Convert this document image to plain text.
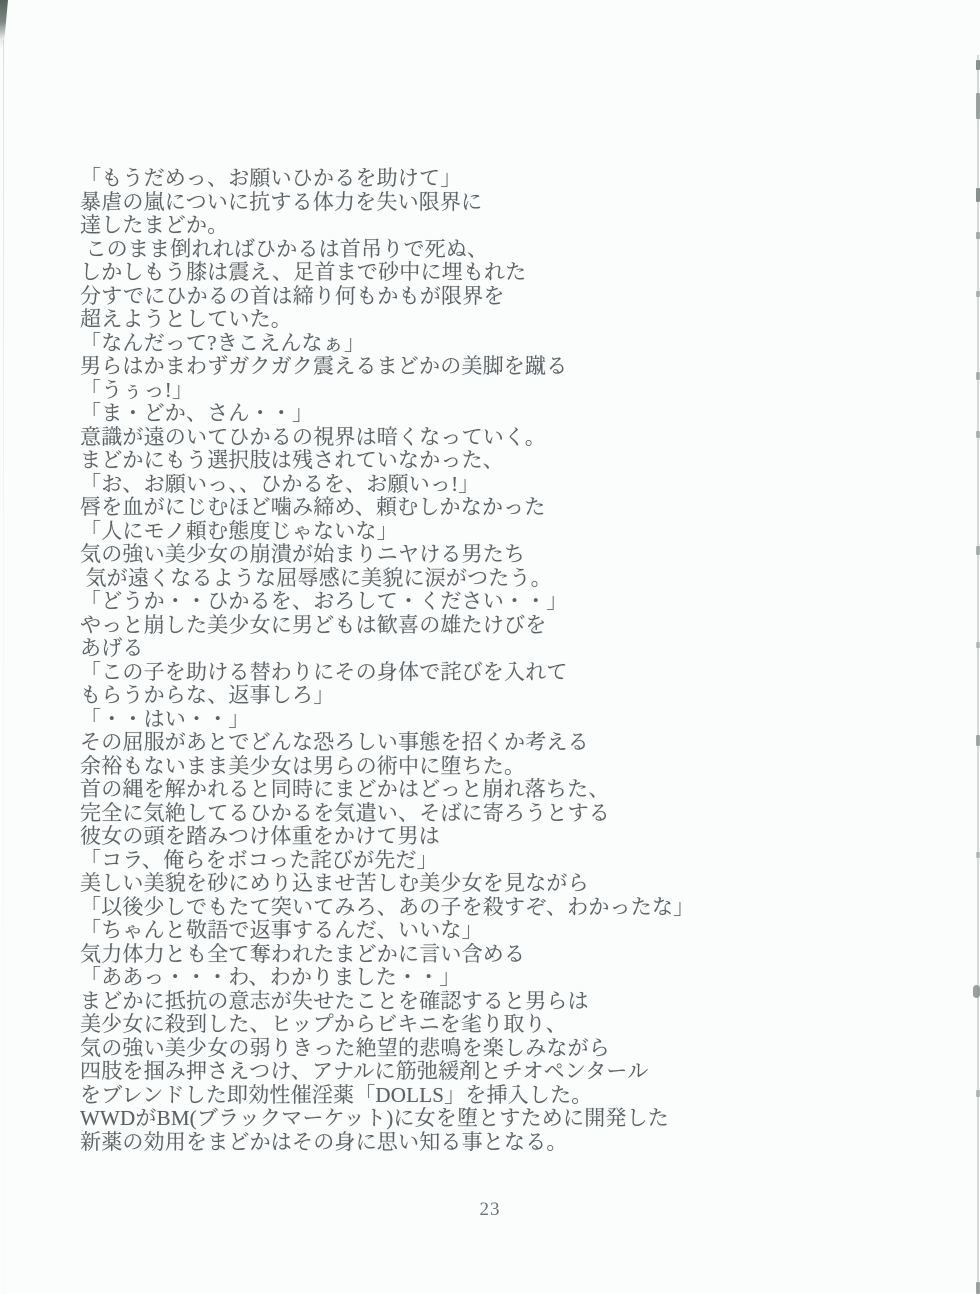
「もうだめっ、お願いひかるを助けて」
暴虐の嵐についに抗する体力を失い限界に
達したまどか。
このまま倒れればひかるは首吊りで死ぬ、
しかしもう膝は震え、足首まで砂中に埋もれた
分すでにひかるの首は締り何もかもが限界を
超えようとしていた。
「なんだって?きこえんなぁ」
男らはかまわずガクガク震えるまどかの美脚を蹴る
「うぅっ!」
「ま・どか、さん・・」
意識が遠のいてひかるの視界は暗くなっていく。
まどかにもう選択肢は残されていなかった、
「お、お願いっ、、ひかるを、お願いっ!」
唇を血がにじむほど噛み締め、頼むしかなかった
「人にモノ頼む態度じゃないな」
気の強い美少女の崩潰が始まりニヤける男たち
気が遠くなるような屈辱感に美貌に涙がつたう。
「どうか・・ひかるを、おろして・ください・・」
やっと崩した美少女に男どもは歓喜の雄たけびを
あげる
「この子を助ける替わりにその身体で詫びを入れて
もらうからな、返事しろ」
「・・はい・・」
その屈服があとでどんな恐ろしい事態を招くか考える
余裕もないまま美少女は男らの術中に堕ちた。
首の縄を解かれると同時にまどかはどっと崩れ落ちた、
完全に気絶してるひかるを気遣い、そばに寄ろうとする
彼女の頭を踏みつけ体重をかけて男は
「コラ、俺らをボコった詫びが先だ」
美しい美貌を砂にめり込ませ苦しむ美少女を見ながら
「以後少しでもたて突いてみろ、あの子を殺すぞ、わかったな」
「ちゃんと敬語で返事するんだ、いいな」
気力体力とも全て奪われたまどかに言い含める
「ああっ・・・わ、わかりました・・」
まどかに抵抗の意志が失せたことを確認すると男らは
美少女に殺到した、ヒップからビキニを毟り取り、
気の強い美少女の弱りきった絶望的悲鳴を楽しみながら
四肢を掴み押さえつけ、アナルに筋弛緩剤とチオペンタール
をブレンドした即効性催淫薬「DOLLS」を挿入した。
WWDがBM(ブラックマーケット)に女を堕とすために開発した
新薬の効用をまどかはその身に思い知る事となる。
23
